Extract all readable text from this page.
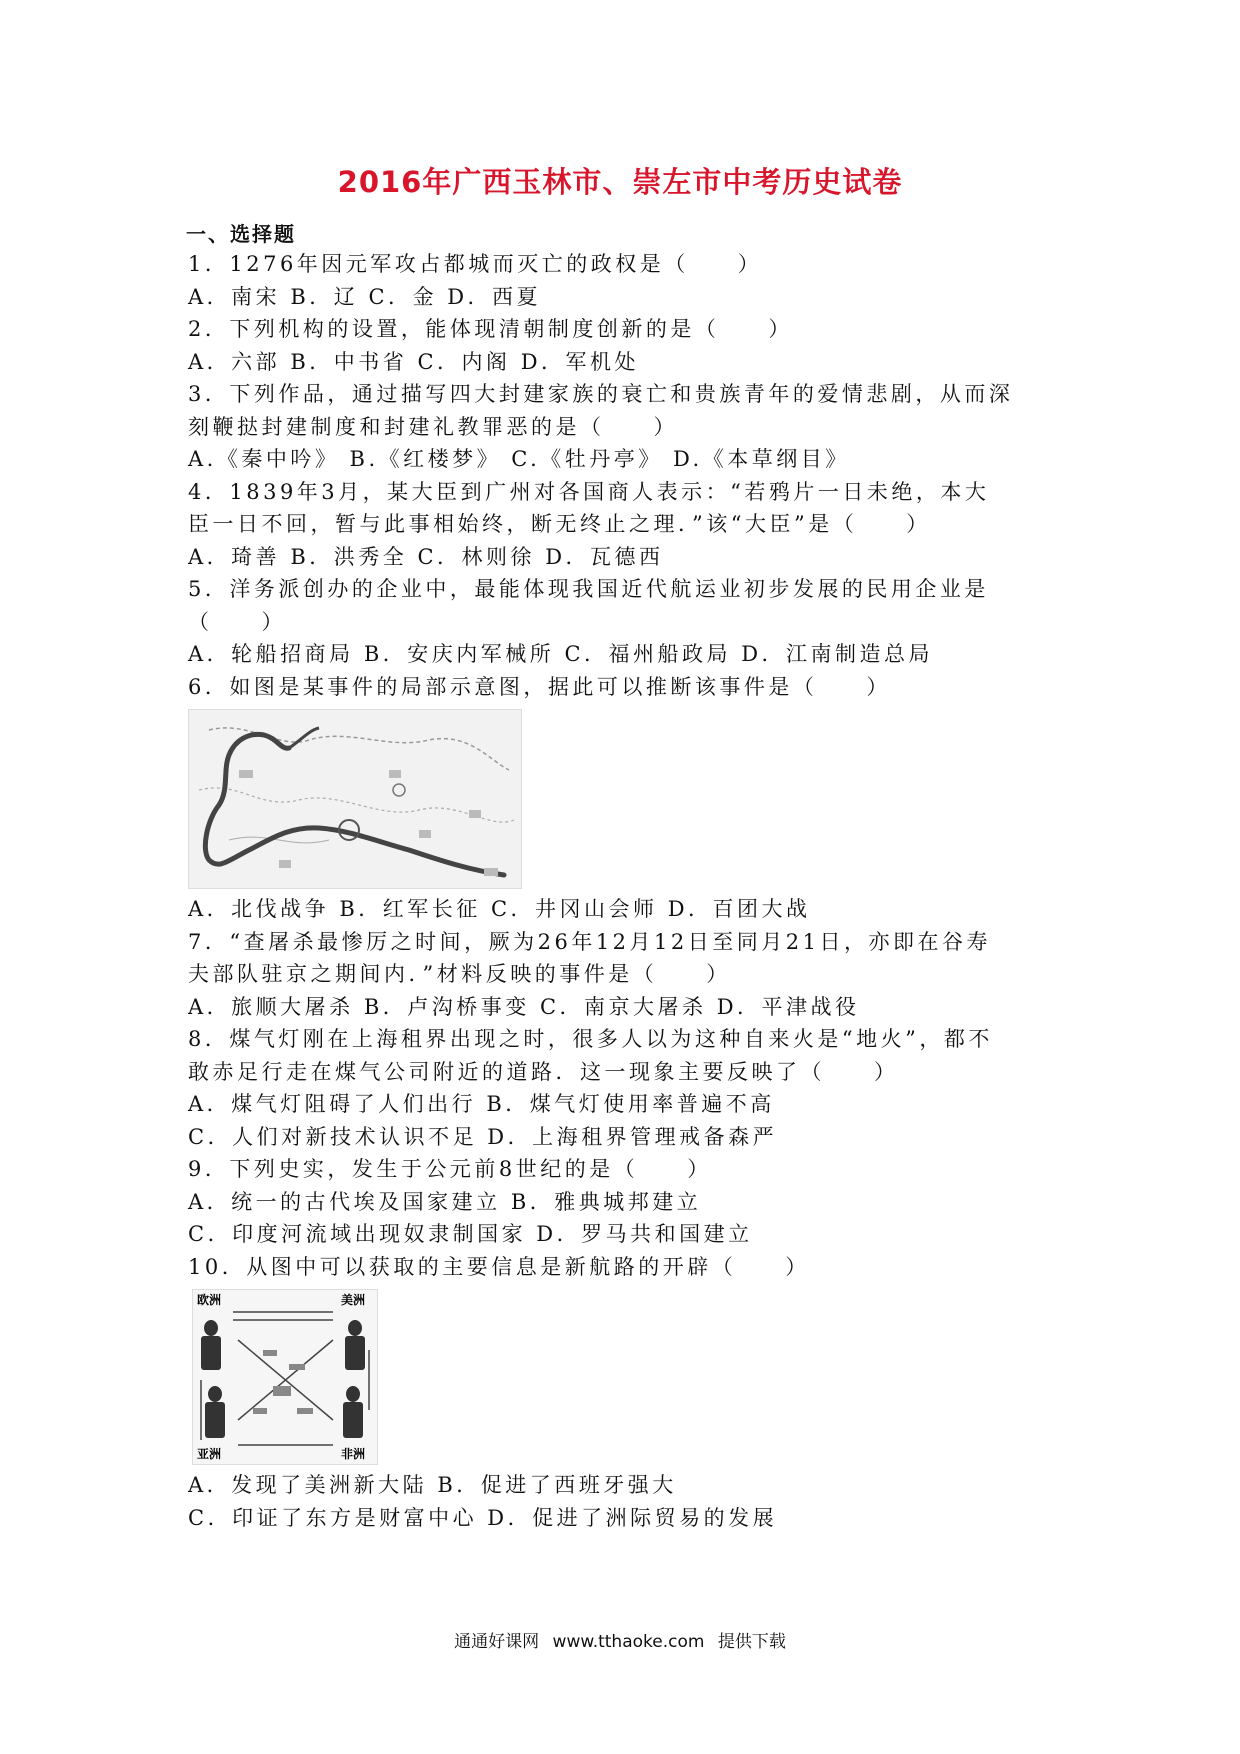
2016年广西玉林市、崇左市中考历史试卷
一、选择题
1．1276年因元军攻占都城而灭亡的政权是（　　）
A．南宋 B．辽 C．金 D．西夏
2．下列机构的设置，能体现清朝制度创新的是（　　）
A．六部 B．中书省 C．内阁 D．军机处
3．下列作品，通过描写四大封建家族的衰亡和贵族青年的爱情悲剧，从而深
刻鞭挞封建制度和封建礼教罪恶的是（　　）
A.《秦中吟》 B.《红楼梦》 C.《牡丹亭》 D.《本草纲目》
4．1839年3月，某大臣到广州对各国商人表示：“若鸦片一日未绝，本大
臣一日不回，暂与此事相始终，断无终止之理．”该“大臣”是（　　）
A．琦善 B．洪秀全 C．林则徐 D．瓦德西
5．洋务派创办的企业中，最能体现我国近代航运业初步发展的民用企业是
（　　）
A．轮船招商局 B．安庆内军械所 C．福州船政局 D．江南制造总局
6．如图是某事件的局部示意图，据此可以推断该事件是（　　）
A．北伐战争 B．红军长征 C．井冈山会师 D．百团大战
7．“查屠杀最惨厉之时间，厥为26年12月12日至同月21日，亦即在谷寿
夫部队驻京之期间内．”材料反映的事件是（　　）
A．旅顺大屠杀 B．卢沟桥事变 C．南京大屠杀 D．平津战役
8．煤气灯刚在上海租界出现之时，很多人以为这种自来火是“地火”，都不
敢赤足行走在煤气公司附近的道路．这一现象主要反映了（　　）
A．煤气灯阻碍了人们出行 B．煤气灯使用率普遍不高
C．人们对新技术认识不足 D．上海租界管理戒备森严
9．下列史实，发生于公元前8世纪的是（　　）
A．统一的古代埃及国家建立 B．雅典城邦建立
C．印度河流域出现奴隶制国家 D．罗马共和国建立
10．从图中可以获取的主要信息是新航路的开辟（　　）
欧洲	美洲
亚洲	非洲
A．发现了美洲新大陆 B．促进了西班牙强大
C．印证了东方是财富中心 D．促进了洲际贸易的发展
通通好课网 www.tthaoke.com 提供下载
